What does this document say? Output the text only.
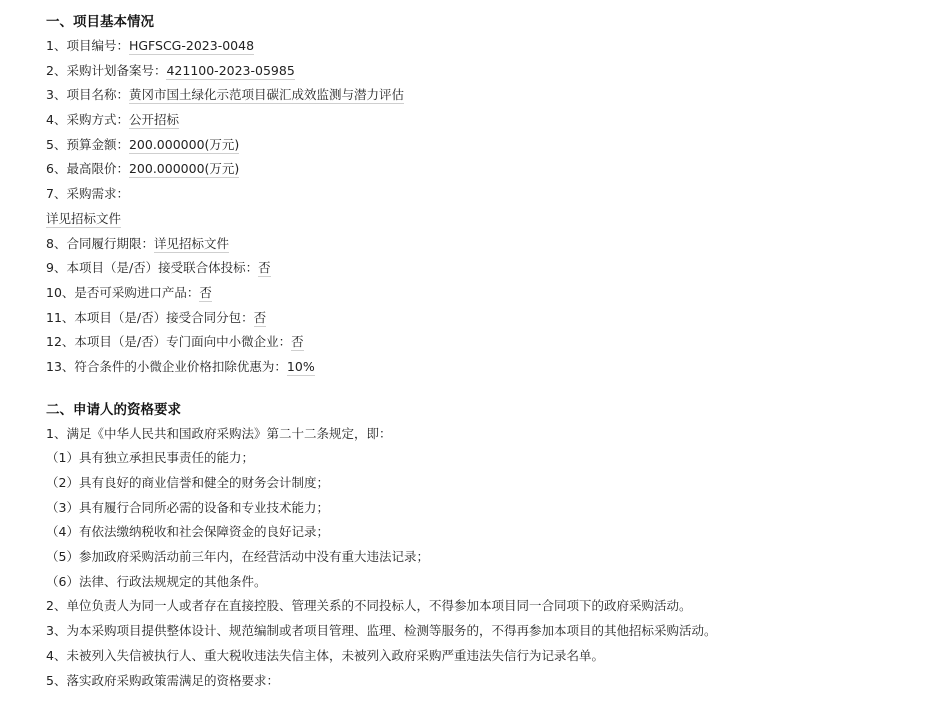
一、项目基本情况
1、项目编号：HGFSCG-2023-0048
2、采购计划备案号：421100-2023-05985
3、项目名称：黄冈市国土绿化示范项目碳汇成效监测与潜力评估
4、采购方式：公开招标
5、预算金额：200.000000(万元)
6、最高限价：200.000000(万元)
7、采购需求：
详见招标文件
8、合同履行期限：详见招标文件
9、本项目（是/否）接受联合体投标：否
10、是否可采购进口产品：否
11、本项目（是/否）接受合同分包：否
12、本项目（是/否）专门面向中小微企业：否
13、符合条件的小微企业价格扣除优惠为：10%
二、申请人的资格要求
1、满足《中华人民共和国政府采购法》第二十二条规定，即：
（1）具有独立承担民事责任的能力；
（2）具有良好的商业信誉和健全的财务会计制度；
（3）具有履行合同所必需的设备和专业技术能力；
（4）有依法缴纳税收和社会保障资金的良好记录；
（5）参加政府采购活动前三年内，在经营活动中没有重大违法记录；
（6）法律、行政法规规定的其他条件。
2、单位负责人为同一人或者存在直接控股、管理关系的不同投标人，不得参加本项目同一合同项下的政府采购活动。
3、为本采购项目提供整体设计、规范编制或者项目管理、监理、检测等服务的，不得再参加本项目的其他招标采购活动。
4、未被列入失信被执行人、重大税收违法失信主体，未被列入政府采购严重违法失信行为记录名单。
5、落实政府采购政策需满足的资格要求：
